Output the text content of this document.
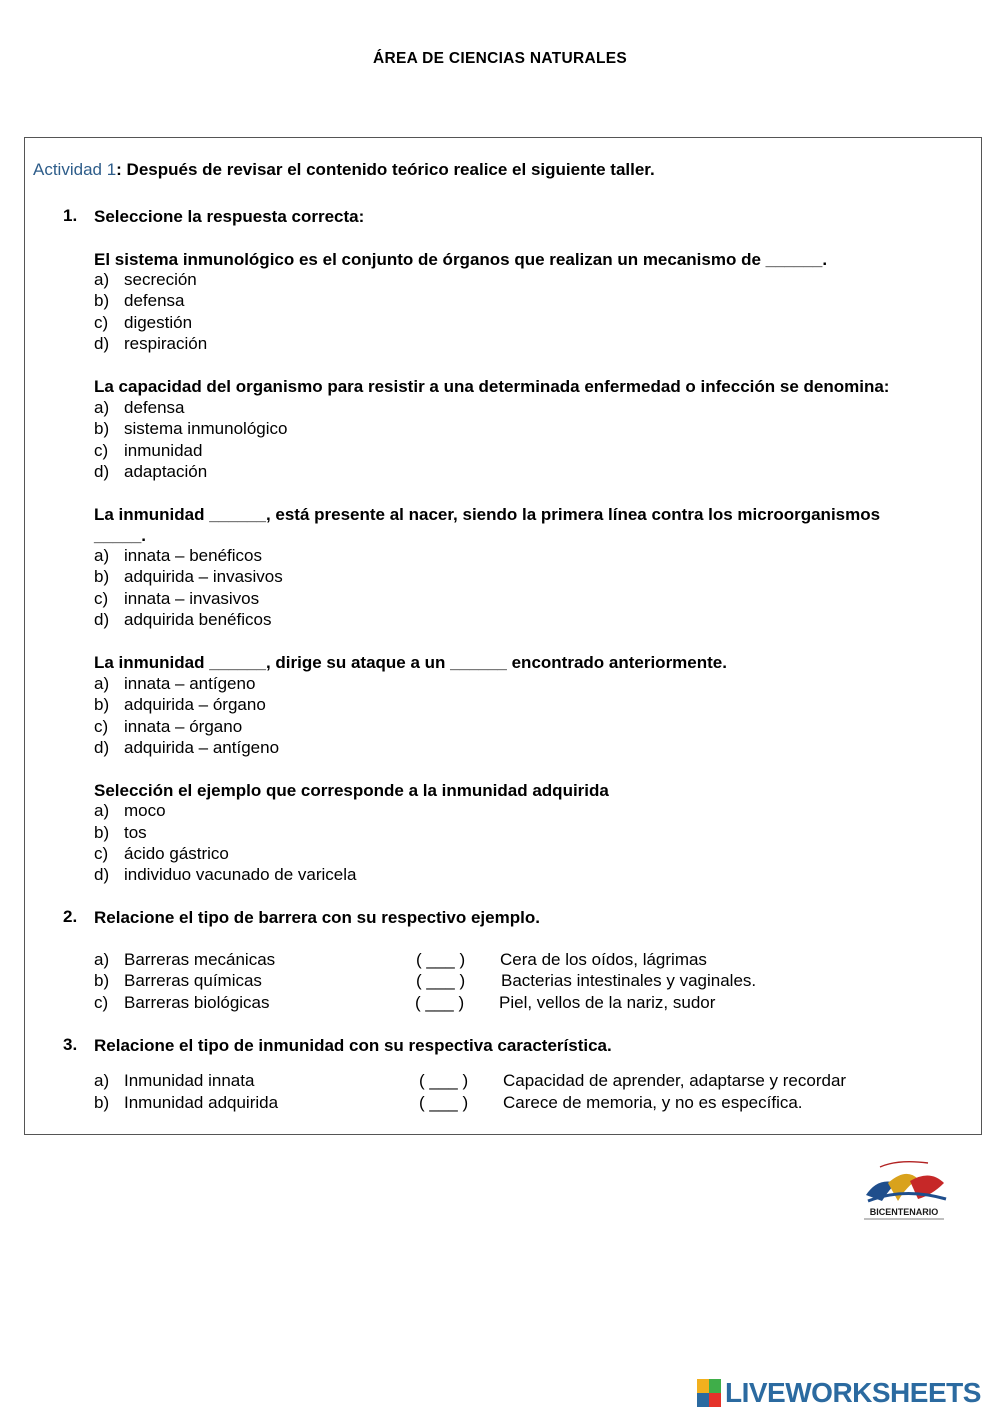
ÁREA DE CIENCIAS NATURALES
Actividad 1: Después de revisar el contenido teórico realice el siguiente taller.
1. Seleccione la respuesta correcta:
El sistema inmunológico es el conjunto de órganos que realizan un mecanismo de ______.
a) secreción
b) defensa
c) digestión
d) respiración
La capacidad del organismo para resistir a una determinada enfermedad o infección se denomina:
a) defensa
b) sistema inmunológico
c) inmunidad
d) adaptación
La inmunidad ______, está presente al nacer, siendo la primera línea contra los microorganismos
_____.
a) innata – benéficos
b) adquirida – invasivos
c) innata – invasivos
d) adquirida benéficos
La inmunidad ______, dirige su ataque a un ______ encontrado anteriormente.
a) innata – antígeno
b) adquirida – órgano
c) innata – órgano
d) adquirida – antígeno
Selección el ejemplo que corresponde a la inmunidad adquirida
a) moco
b) tos
c) ácido gástrico
d) individuo vacunado de varicela
2. Relacione el tipo de barrera con su respectivo ejemplo.
a) Barreras mecánicas	( ___ ) Cera de los oídos, lágrimas
b) Barreras químicas	( ___ ) Bacterias intestinales y vaginales.
c) Barreras biológicas	( ___ ) Piel, vellos de la nariz, sudor
3. Relacione el tipo de inmunidad con su respectiva característica.
a) Inmunidad innata	( ___ ) Capacidad de aprender, adaptarse y recordar
b) Inmunidad adquirida	( ___ ) Carece de memoria, y no es específica.
BICENTENARIO
LIVEWORKSHEETS
